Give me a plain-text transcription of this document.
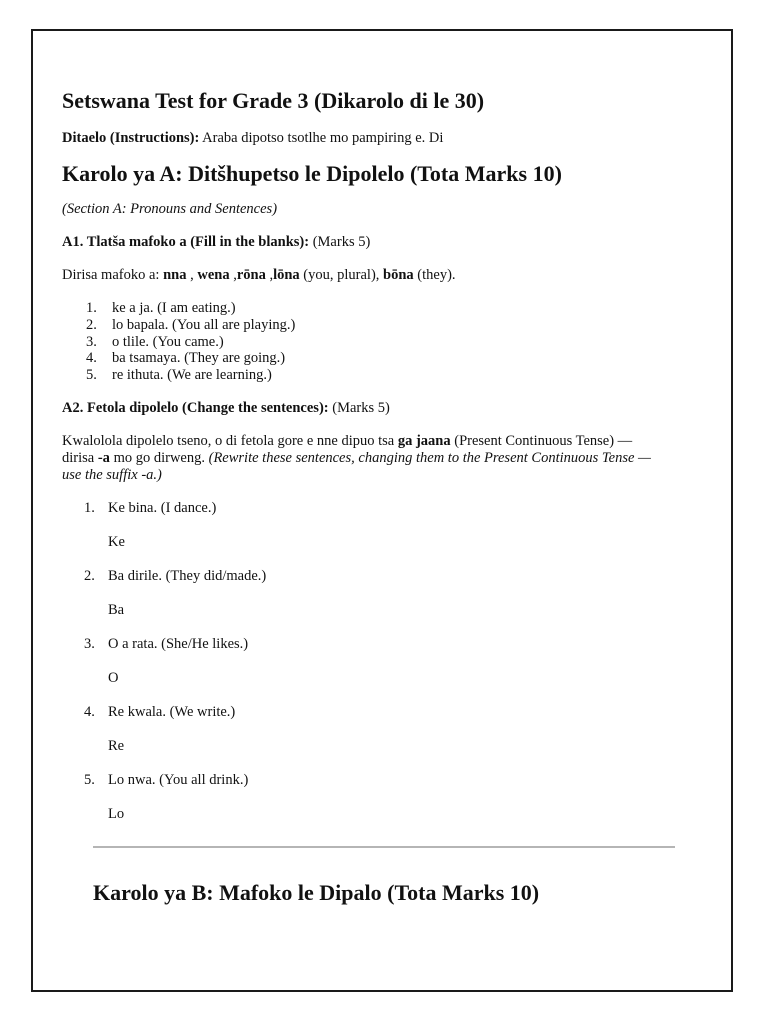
Setswana Test for Grade 3 (Dikarolo di le 30)

Ditaelo (Instructions): Araba dipotso tsotlhe mo pampiring e. Di

Karolo ya A: Ditšhupetso le Dipolelo (Tota Marks 10)

(Section A: Pronouns and Sentences)

A1. Tlatša mafoko a (Fill in the blanks): (Marks 5)

Dirisa mafoko a: nna , wena ,rōna ,lōna (you, plural), bōna (they).

1. ke a ja. (I am eating.)
2. lo bapala. (You all are playing.)
3. o tlile. (You came.)
4. ba tsamaya. (They are going.)
5. re ithuta. (We are learning.)

A2. Fetola dipolelo (Change the sentences): (Marks 5)

Kwalololа dipolelo tseno, o di fetola gore e nne dipuo tsa ga jaana (Present Continuous Tense) — dirisa -a mo go dirweng. (Rewrite these sentences, changing them to the Present Continuous Tense — use the suffix -a.)

1. Ke bina. (I dance.)
Ke
2. Ba dirile. (They did/made.)
Ba
3. O a rata. (She/He likes.)
O
4. Re kwala. (We write.)
Re
5. Lo nwa. (You all drink.)
Lo
Karolo ya B: Mafoko le Dipalo (Tota Marks 10)
